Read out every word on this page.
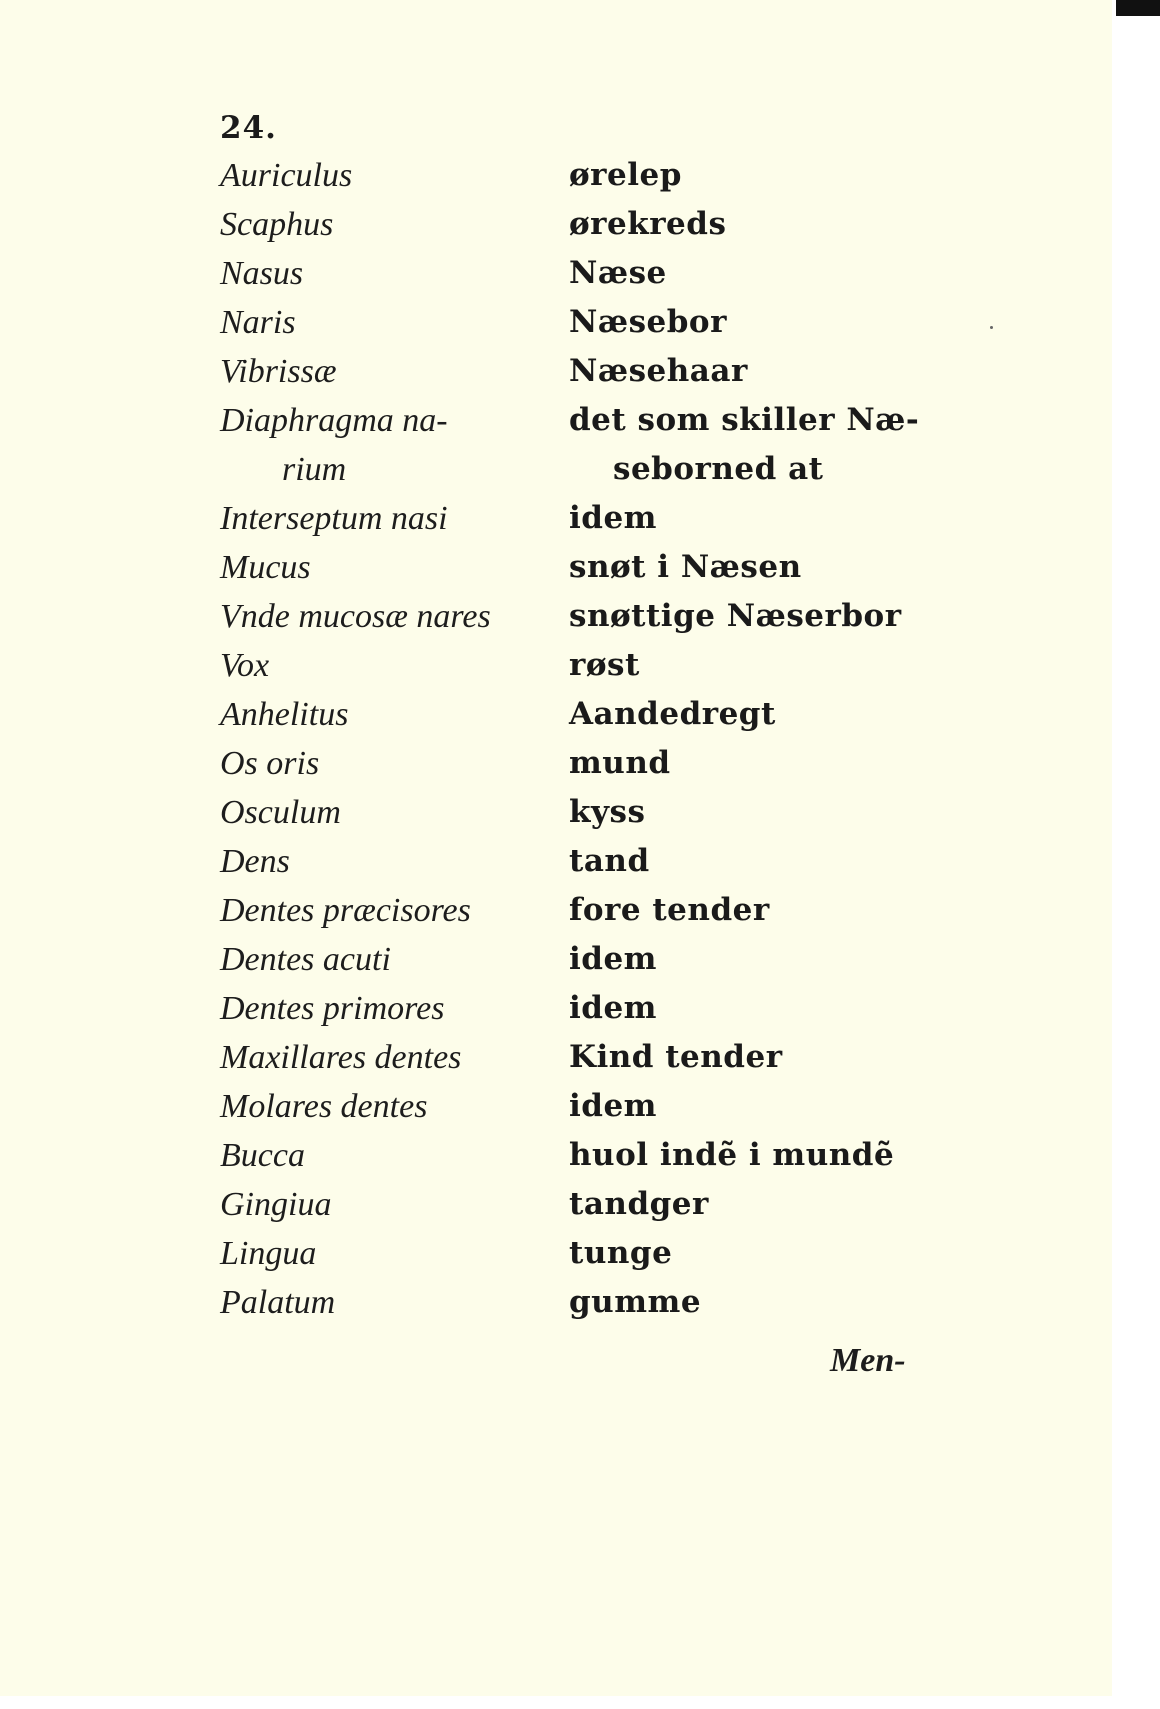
24.
Auriculus	ørelep
Scaphus	ørekreds
Nasus	Næse
Naris	Næsebor
Vibrissæ	Næsehaar
Diaphragma na-	det som skiller Næ-
rium	seborned at
Interseptum nasi	idem
Mucus	snøt i Næsen
Vnde mucosæ nares	snøttige Næserbor
Vox	røst
Anhelitus	Aandedregt
Os oris	mund
Osculum	kyss
Dens	tand
Dentes præcisores	fore tender
Dentes acuti	idem
Dentes primores	idem
Maxillares dentes	Kind tender
Molares dentes	idem
Bucca	huol indẽ i mundẽ
Gingiua	tandger
Lingua	tunge
Palatum	gumme
Men-
